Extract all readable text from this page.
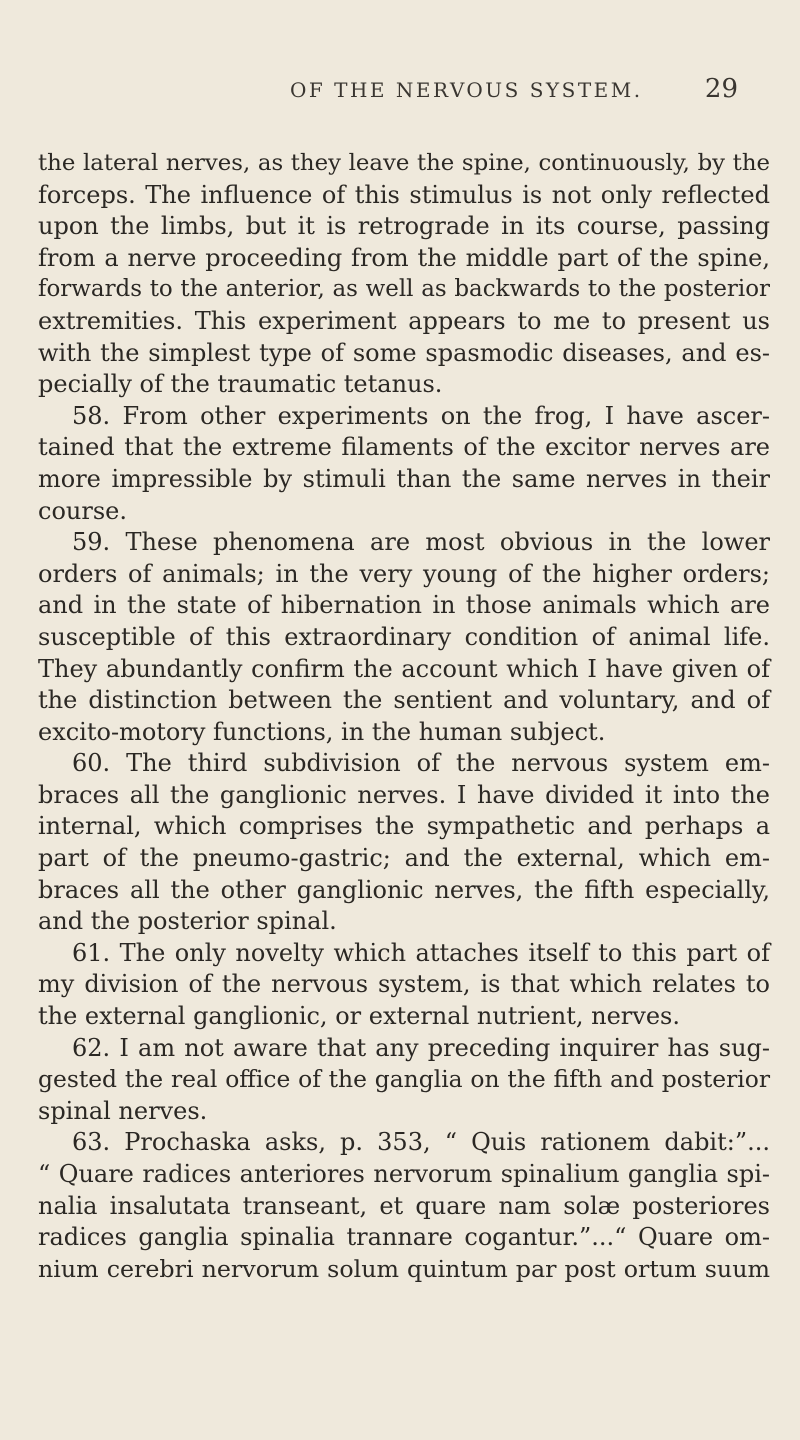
OF THE NERVOUS SYSTEM. 29
the lateral nerves, as they leave the spine, continuously, by the
forceps. The influence of this stimulus is not only reflected
upon the limbs, but it is retrograde in its course, passing
from a nerve proceeding from the middle part of the spine,
forwards to the anterior, as well as backwards to the posterior
extremities. This experiment appears to me to present us
with the simplest type of some spasmodic diseases, and es-
pecially of the traumatic tetanus.
58. From other experiments on the frog, I have ascer-
tained that the extreme filaments of the excitor nerves are
more impressible by stimuli than the same nerves in their
course.
59. These phenomena are most obvious in the lower
orders of animals; in the very young of the higher orders;
and in the state of hibernation in those animals which are
susceptible of this extraordinary condition of animal life.
They abundantly confirm the account which I have given of
the distinction between the sentient and voluntary, and of
excito-motory functions, in the human subject.
60. The third subdivision of the nervous system em-
braces all the ganglionic nerves. I have divided it into the
internal, which comprises the sympathetic and perhaps a
part of the pneumo-gastric; and the external, which em-
braces all the other ganglionic nerves, the fifth especially,
and the posterior spinal.
61. The only novelty which attaches itself to this part of
my division of the nervous system, is that which relates to
the external ganglionic, or external nutrient, nerves.
62. I am not aware that any preceding inquirer has sug-
gested the real office of the ganglia on the fifth and posterior
spinal nerves.
63. Prochaska asks, p. 353, “ Quis rationem dabit:”...
“ Quare radices anteriores nervorum spinalium ganglia spi-
nalia insalutata transeant, et quare nam solæ posteriores
radices ganglia spinalia trannare cogantur.”...“ Quare om-
nium cerebri nervorum solum quintum par post ortum suum
